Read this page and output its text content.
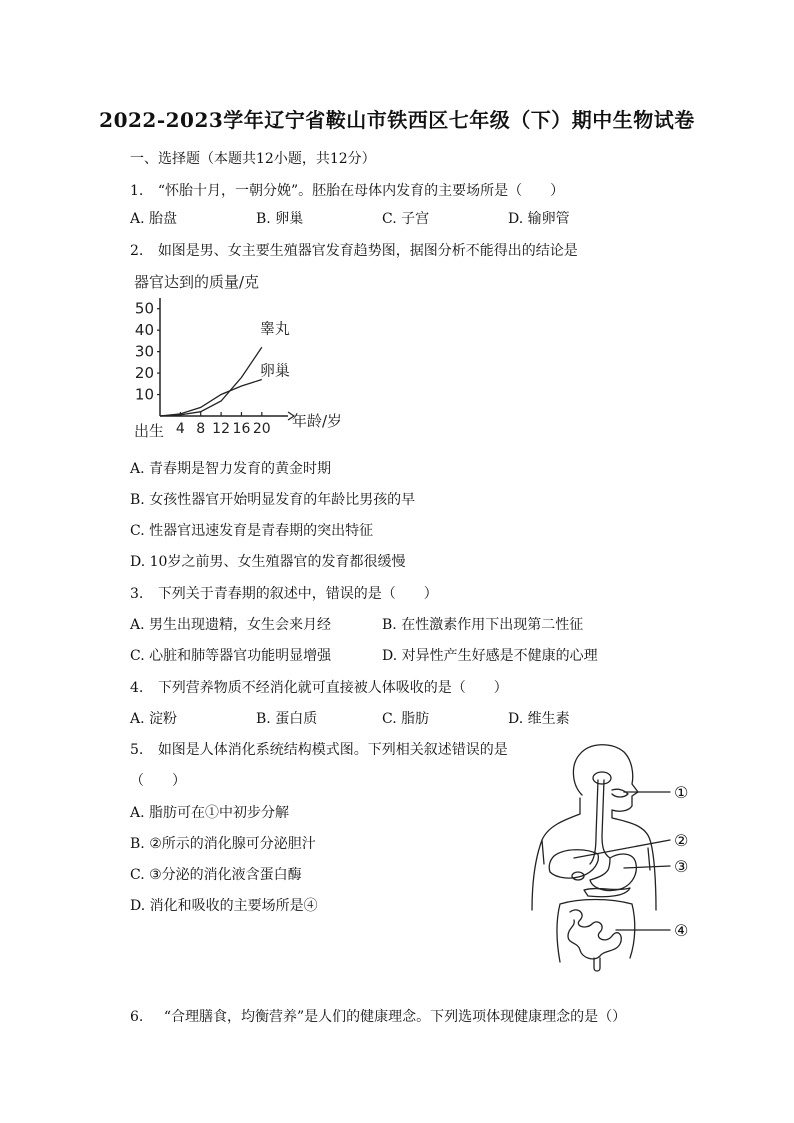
2022-2023学年辽宁省鞍山市铁西区七年级（下）期中生物试卷
一、选择题（本题共12小题，共12分）
1. “怀胎十月，一朝分娩”。胚胎在母体内发育的主要场所是（　　）
A. 胎盘	B. 卵巢	C. 子宫	D. 输卵管
2. 如图是男、女主要生殖器官发育趋势图，据图分析不能得出的结论是
器官达到的质量/克
10
20
30
40
50
4 8 12 16 20
睾丸
卵巢
出生
年龄/岁
A. 青春期是智力发育的黄金时期
B. 女孩性器官开始明显发育的年龄比男孩的早
C. 性器官迅速发育是青春期的突出特征
D. 10岁之前男、女生殖器官的发育都很缓慢
3. 下列关于青春期的叙述中，错误的是（　　）
A. 男生出现遗精，女生会来月经	B. 在性激素作用下出现第二性征
C. 心脏和肺等器官功能明显增强	D. 对异性产生好感是不健康的心理
4. 下列营养物质不经消化就可直接被人体吸收的是（　　）
A. 淀粉	B. 蛋白质	C. 脂肪	D. 维生素
5. 如图是人体消化系统结构模式图。下列相关叙述错误的是
（　　）
A. 脂肪可在①中初步分解
B. ②所示的消化腺可分泌胆汁
C. ③分泌的消化液含蛋白酶
D. 消化和吸收的主要场所是④
①
②
③
④
6. “合理膳食，均衡营养”是人们的健康理念。下列选项体现健康理念的是（）
